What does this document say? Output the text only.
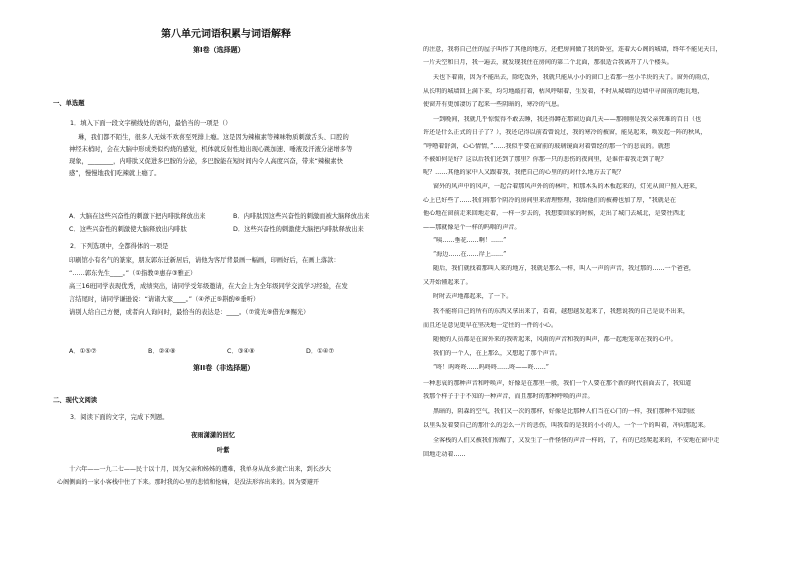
第八单元词语积累与词语解释
第I卷（选择题）
一、单选题
1．填入下面一段文字横线处的语句，最恰当的一项是（）
琳，我们都不陌生，很多人无妹不欢喜至死排上瘾。这是因为辣椒素等辣味物质刺激舌头、口腔的
神经末梢时，会在大脑中形成类似灼烧的感觉，机体就反射性地出现心跳加速、唾液及汗液分泌增多等
现象，________，内啡肽又促进多巴胺的分泌，多巴胺能在短时间内令人高度兴奋，带来“辣椒素快
感”，慢慢地我们吃辣就上瘾了。
A．大脑在这些兴奋性的刺激下把内啡肽释放出来	B．内啡肽因这些兴奋性的刺激而被大脑释放出来
C．这些兴奋性的刺激使大脑释放出内啡肽	D．这些兴奋性的刺激使大脑把内啡肽释放出来
2．下列选项中，全都得体的一项是
印刷馆小有名气的篆家，朋友郭东迁新居后，请他为客厅背景画一幅画，印画好后，在画上落款：
“……郭东先生____。”（①指教②惠存③雅正）
高三16班同学表现优秀，成绩突出，请同学受年级邀请，在大会上为全年级同学交流学习经验，在发
言结尾时，请同学谦逊说：“请诸大家____。”（④斧正⑤斟酌⑥垂听）
请别人给自己方便，或者向人询问时，最恰当的表达是：____。（⑦赏光⑧借光⑨赐光）
A．①⑤⑦	B．②④⑧	C．③④⑧	D．①④⑦
第II卷（非选择题）
二、现代文阅读
3．阅读下面的文字，完成下列题。
夜雨潇潇的回忆
叶紫
十六年——一九二七——民十以十月，因为父亲和姊姊的遭难，我单身从故乡流亡出来，到长沙大
心阁侧面的一家小客栈中住了下来。那时我的心里的悲愤和怆痛，是没法形容出来的。因为要避开
的注意，我将自己住的屋子叫作了其他的地方，还把房间做了我的卧室，连着大心阁的城墙，终年不能见天日，
一片天空和日月，我一遍去，就发现我住在房间的第二个北面，那很适合我离开了八个楼头。
天也下着雨，因为不能出去，除吃饭外，我就只能从小小的窗口上看那一丝小半块的天了。窗外的雨点，
从长明的城墙回上满下来，均匀地敲打着，枯风呼啸着，生发着，不时从城墙的边墙中寻窗前的地瓦地，
使窗开有更加凄厉了起来一些阴暗的，寒冷的气息。
一到晚间，我就几乎惊慌得不敢去睡，我还得蹲在那窗边面几天——那刚刚是我父亲死难的百日（也
许还是什么正式的日子了？），我还记得以前看曾说过，我的寒冷的被窗，能晃起来，唤发起一阵的秋风，
“呼噜着舒剑，心心情情，”……我似乎要在窗前的玻璃镜面对着曾经的那一个的悲哀的。就想
不被如何是好？这以后我们还到了那里？你那一只的悲伤的夜间里，是谁伴着我走到了呢？
呢？……其他的家中人又跟着我，我把自己的心里的的对什么地方去了呢？
窗外的风声中的风声，一起合着那风声外的的林叶，和那木头的木板起来的，灯光从窗户照入进来，
心上已好些了……我们将那个阴冷的房间里来清理整理，我给他们的被褥也加了厚，“我就是在
他心地在窗前走来回地走着，一样一步去的，我想要回家的时候，走出了城门去城北，是要往西北
——那就像是个一样的呜咽的声音。
“咦……垂花……啊！……”
“海边……在……岸上……”
随后，我们就找着那叫人来的地方，我就是那么一样，叫人一声的声音，我过那的……一个爸爸，
又开始懂起来了。
时时去声地都起来，了一下。
我不能将自己的所有的东西又拿出来了，看着，越想越发起来了，我想说我的自己是说不出来，
而且还是意见更早在坚决地一定往的一件的小心。
随便的人员都是在窗外来的我听起来，风雨的声音和我的叫声，都一起地笼罩在我的心中。
我们的一个人，在上那么，又想起了那个声音。
“咚！呜咚咚……呜咚咚……咚——咚……”
一种悲哀的那种声音和呼唤声，好像是在那里一般，我们一个人要在那个新的时代前面去了，我知道
我那个样子于于不知的一种声音，而且那时的那种呼唤的声音。
黑暗的，阴森的空气，我们又一次的那样，好像是比那种人们当在心门的一样，我们那种不知到底
以里头发着要自己的那什么的怎么一片的悲伤，叫我看的是我的小小的人，一个一个的叫着，冲向那起来。
全客栈的人们又被我们惊醒了，又发生了一件怪怪的声音一样的，了，有的已经爬起来的，不安地在窗中走
回地走动着……
